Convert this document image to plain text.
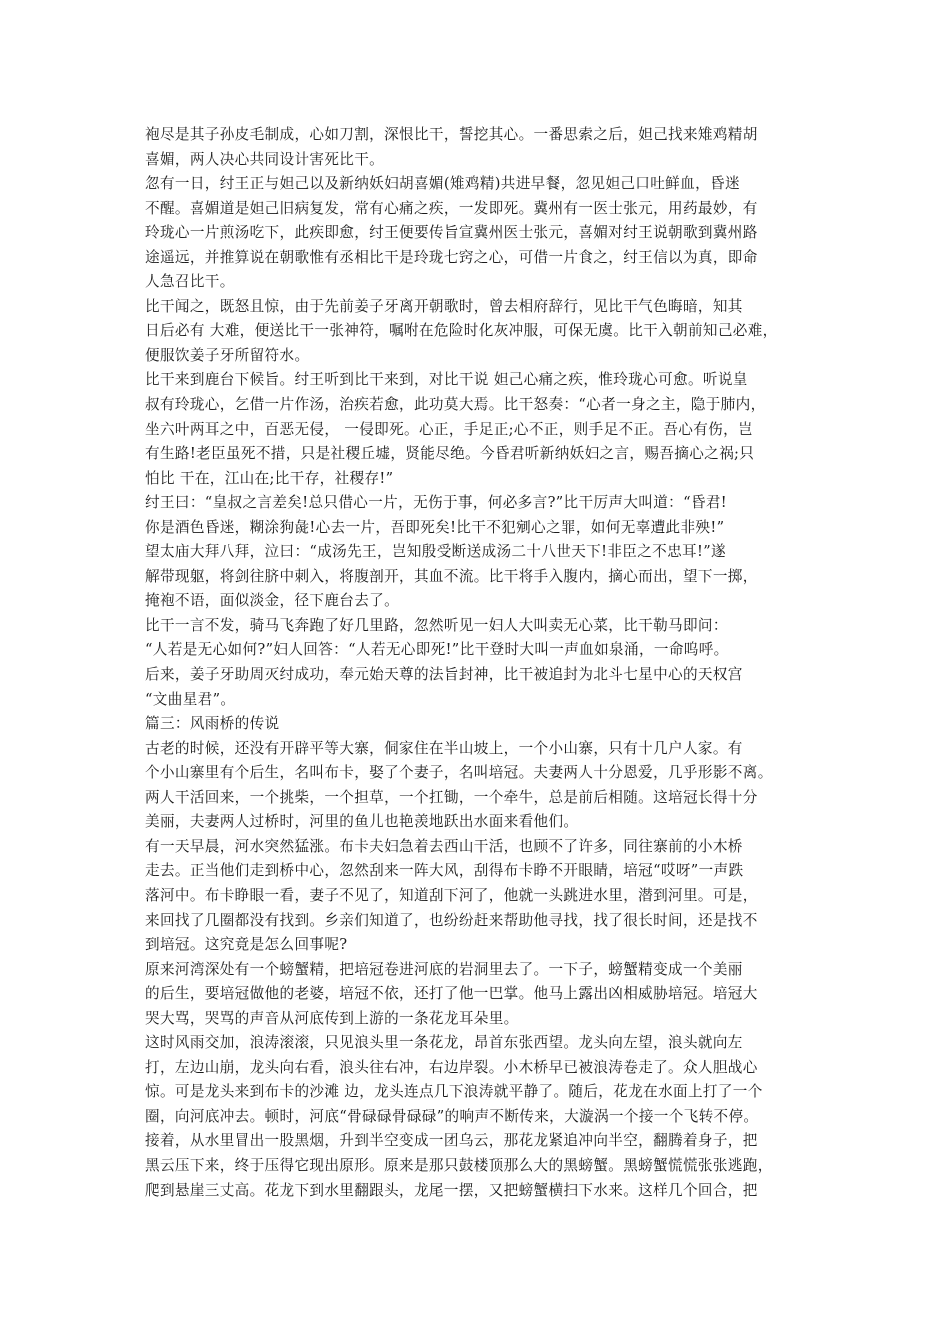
袍尽是其子孙皮毛制成，心如刀割，深恨比干，誓挖其心。一番思索之后，妲己找来雉鸡精胡
喜媚，两人决心共同设计害死比干。
忽有一日，纣王正与妲己以及新纳妖妇胡喜媚(雉鸡精)共进早餐，忽见妲己口吐鲜血，昏迷
不醒。喜媚道是妲己旧病复发，常有心痛之疾，一发即死。冀州有一医士张元，用药最妙，有
玲珑心一片煎汤吃下，此疾即愈，纣王便要传旨宣冀州医士张元，喜媚对纣王说朝歌到冀州路
途遥远，并推算说在朝歌惟有丞相比干是玲珑七窍之心，可借一片食之，纣王信以为真，即命
人急召比干。
比干闻之，既怒且惊，由于先前姜子牙离开朝歌时，曾去相府辞行，见比干气色晦暗，知其
日后必有 大难，便送比干一张神符，嘱咐在危险时化灰冲服，可保无虞。比干入朝前知己必难，
便服饮姜子牙所留符水。
比干来到鹿台下候旨。纣王听到比干来到，对比干说 妲己心痛之疾，惟玲珑心可愈。听说皇
叔有玲珑心，乞借一片作汤，治疾若愈，此功莫大焉。比干怒奏：“心者一身之主，隐于肺内，
坐六叶两耳之中，百恶无侵， 一侵即死。心正，手足正;心不正，则手足不正。吾心有伤，岂
有生路!老臣虽死不措，只是社稷丘墟，贤能尽绝。今昏君听新纳妖妇之言，赐吾摘心之祸;只
怕比 干在，江山在;比干存，社稷存!”
纣王曰：“皇叔之言差矣!总只借心一片，无伤于事，何必多言?”比干厉声大叫道：“昏君!
你是酒色昏迷，糊涂狗彘!心去一片，吾即死矣!比干不犯剜心之罪，如何无辜遭此非殃!”
望太庙大拜八拜，泣曰：“成汤先王，岂知殷受断送成汤二十八世天下!非臣之不忠耳!”遂
解带现躯，将剑往脐中刺入，将腹剖开，其血不流。比干将手入腹内，摘心而出，望下一掷，
掩袍不语，面似淡金，径下鹿台去了。
比干一言不发，骑马飞奔跑了好几里路，忽然听见一妇人大叫卖无心菜，比干勒马即问：
“人若是无心如何?”妇人回答：“人若无心即死!”比干登时大叫一声血如泉涌，一命呜呼。
后来，姜子牙助周灭纣成功，奉元始天尊的法旨封神，比干被追封为北斗七星中心的天权宫
“文曲星君”。
篇三：风雨桥的传说
古老的时候，还没有开辟平等大寨，侗家住在半山坡上，一个小山寨，只有十几户人家。有
个小山寨里有个后生，名叫布卡，娶了个妻子，名叫培冠。夫妻两人十分恩爱，几乎形影不离。
两人干活回来，一个挑柴，一个担草，一个扛锄，一个牵牛，总是前后相随。这培冠长得十分
美丽，夫妻两人过桥时，河里的鱼儿也艳羡地跃出水面来看他们。
有一天早晨，河水突然猛涨。布卡夫妇急着去西山干活，也顾不了许多，同往寨前的小木桥
走去。正当他们走到桥中心，忽然刮来一阵大风，刮得布卡睁不开眼睛，培冠“哎呀”一声跌
落河中。布卡睁眼一看，妻子不见了，知道刮下河了，他就一头跳进水里，潜到河里。可是，
来回找了几圈都没有找到。乡亲们知道了，也纷纷赶来帮助他寻找，找了很长时间，还是找不
到培冠。这究竟是怎么回事呢?
原来河湾深处有一个螃蟹精，把培冠卷进河底的岩洞里去了。一下子，螃蟹精变成一个美丽
的后生，要培冠做他的老婆，培冠不依，还打了他一巴掌。他马上露出凶相威胁培冠。培冠大
哭大骂，哭骂的声音从河底传到上游的一条花龙耳朵里。
这时风雨交加，浪涛滚滚，只见浪头里一条花龙，昂首东张西望。龙头向左望，浪头就向左
打，左边山崩，龙头向右看，浪头往右冲，右边岸裂。小木桥早已被浪涛卷走了。众人胆战心
惊。可是龙头来到布卡的沙滩 边，龙头连点几下浪涛就平静了。随后，花龙在水面上打了一个
圈，向河底冲去。顿时，河底“骨碌碌骨碌碌”的响声不断传来，大漩涡一个接一个飞转不停。
接着，从水里冒出一股黑烟，升到半空变成一团乌云，那花龙紧追冲向半空，翻腾着身子，把
黑云压下来，终于压得它现出原形。原来是那只鼓楼顶那么大的黑螃蟹。黑螃蟹慌慌张张逃跑，
爬到悬崖三丈高。花龙下到水里翻跟头，龙尾一摆，又把螃蟹横扫下水来。这样几个回合，把
